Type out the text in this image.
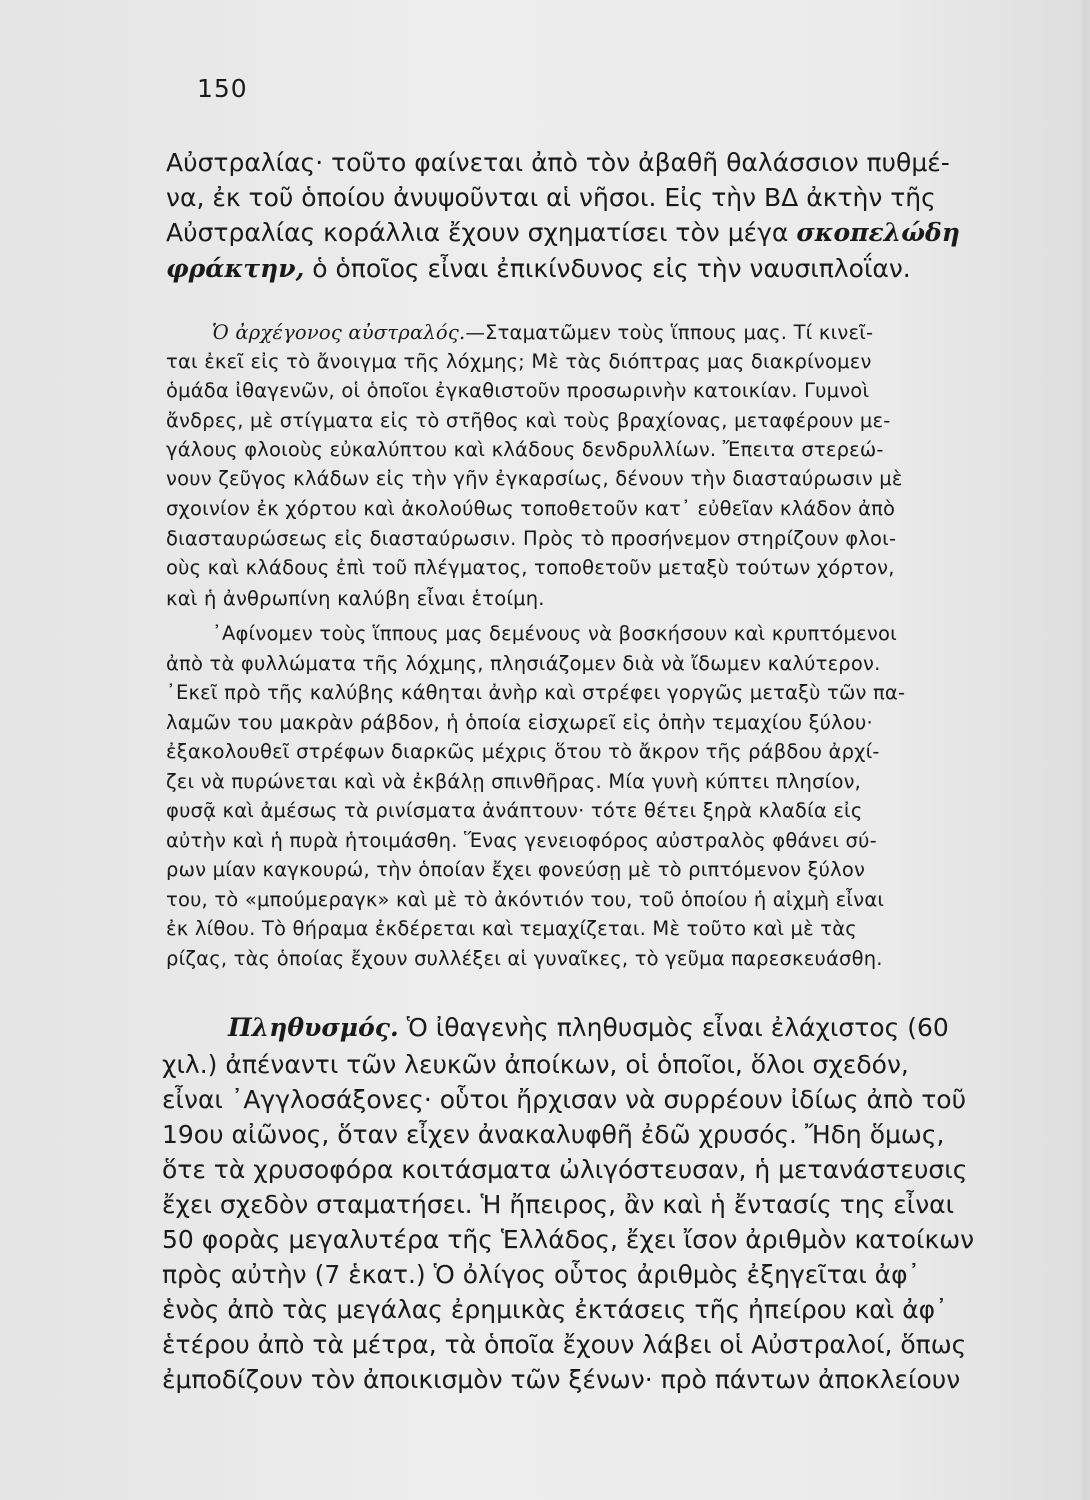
150

Αὐστραλίας· τοῦτο φαίνεται ἀπὸ τὸν ἀβαθῆ θαλάσσιον πυθμέ-

να, ἐκ τοῦ ὁποίου ἀνυψοῦνται αἱ νῆσοι. Εἰς τὴν ΒΔ ἀκτὴν τῆς

Αὐστραλίας κοράλλια ἔχουν σχηματίσει τὸν μέγα σκοπελώδη

φράκτην, ὁ ὁποῖος εἶναι ἐπικίνδυνος εἰς τὴν ναυσιπλοΐαν.

Ὁ ἀρχέγονος αὐστραλός.—Σταματῶμεν τοὺς ἵππους μας. Τί κινεῖ-

ται ἐκεῖ εἰς τὸ ἄνοιγμα τῆς λόχμης; Μὲ τὰς διόπτρας μας διακρίνομεν

ὁμάδα ἰθαγενῶν, οἱ ὁποῖοι ἐγκαθιστοῦν προσωρινὴν κατοικίαν. Γυμνοὶ

ἄνδρες, μὲ στίγματα εἰς τὸ στῆθος καὶ τοὺς βραχίονας, μεταφέρουν με-

γάλους φλοιοὺς εὐκαλύπτου καὶ κλάδους δενδρυλλίων. Ἔπειτα στερεώ-

νουν ζεῦγος κλάδων εἰς τὴν γῆν ἐγκαρσίως, δένουν τὴν διασταύρωσιν μὲ

σχοινίον ἐκ χόρτου καὶ ἀκολούθως τοποθετοῦν κατ᾽ εὐθεῖαν κλάδον ἀπὸ

διασταυρώσεως εἰς διασταύρωσιν. Πρὸς τὸ προσήνεμον στηρίζουν φλοι-

οὺς καὶ κλάδους ἐπὶ τοῦ πλέγματος, τοποθετοῦν μεταξὺ τούτων χόρτον,

καὶ ἡ ἀνθρωπίνη καλύβη εἶναι ἑτοίμη.

᾽Αφίνομεν τοὺς ἵππους μας δεμένους νὰ βοσκήσουν καὶ κρυπτόμενοι

ἀπὸ τὰ φυλλώματα τῆς λόχμης, πλησιάζομεν διὰ νὰ ἴδωμεν καλύτερον.

᾽Εκεῖ πρὸ τῆς καλύβης κάθηται ἀνὴρ καὶ στρέφει γοργῶς μεταξὺ τῶν πα-

λαμῶν του μακρὰν ράβδον, ἡ ὁποία εἰσχωρεῖ εἰς ὀπὴν τεμαχίου ξύλου·

ἐξακολουθεῖ στρέφων διαρκῶς μέχρις ὅτου τὸ ἄκρον τῆς ράβδου ἀρχί-

ζει νὰ πυρώνεται καὶ νὰ ἐκβάλῃ σπινθῆρας. Μία γυνὴ κύπτει πλησίον,

φυσᾷ καὶ ἀμέσως τὰ ρινίσματα ἀνάπτουν· τότε θέτει ξηρὰ κλαδία εἰς

αὐτὴν καὶ ἡ πυρὰ ἡτοιμάσθη. Ἕνας γενειοφόρος αὐστραλὸς φθάνει σύ-

ρων μίαν καγκουρώ, τὴν ὁποίαν ἔχει φονεύσῃ μὲ τὸ ριπτόμενον ξύλον

του, τὸ «μπούμεραγκ» καὶ μὲ τὸ ἀκόντιόν του, τοῦ ὁποίου ἡ αἰχμὴ εἶναι

ἐκ λίθου. Τὸ θήραμα ἐκδέρεται καὶ τεμαχίζεται. Μὲ τοῦτο καὶ μὲ τὰς

ρίζας, τὰς ὁποίας ἔχουν συλλέξει αἱ γυναῖκες, τὸ γεῦμα παρεσκευάσθη.

Πληθυσμός. Ὁ ἰθαγενὴς πληθυσμὸς εἶναι ἐλάχιστος (60

χιλ.) ἀπέναντι τῶν λευκῶν ἀποίκων, οἱ ὁποῖοι, ὅλοι σχεδόν,

εἶναι ᾽Αγγλοσάξονες· οὗτοι ἤρχισαν νὰ συρρέουν ἰδίως ἀπὸ τοῦ

19ου αἰῶνος, ὅταν εἶχεν ἀνακαλυφθῆ ἐδῶ χρυσός. Ἤδη ὅμως,

ὅτε τὰ χρυσοφόρα κοιτάσματα ὠλιγόστευσαν, ἡ μετανάστευσις

ἔχει σχεδὸν σταματήσει. Ἡ ἤπειρος, ἂν καὶ ἡ ἔντασίς της εἶναι

50 φορὰς μεγαλυτέρα τῆς Ἑλλάδος, ἔχει ἴσον ἀριθμὸν κατοίκων

πρὸς αὐτὴν (7 ἑκατ.) Ὁ ὀλίγος οὗτος ἀριθμὸς ἐξηγεῖται ἀφ᾽

ἑνὸς ἀπὸ τὰς μεγάλας ἐρημικὰς ἐκτάσεις τῆς ἠπείρου καὶ ἀφ᾽

ἑτέρου ἀπὸ τὰ μέτρα, τὰ ὁποῖα ἔχουν λάβει οἱ Αὐστραλοί, ὅπως

ἐμποδίζουν τὸν ἀποικισμὸν τῶν ξένων· πρὸ πάντων ἀποκλείουν
